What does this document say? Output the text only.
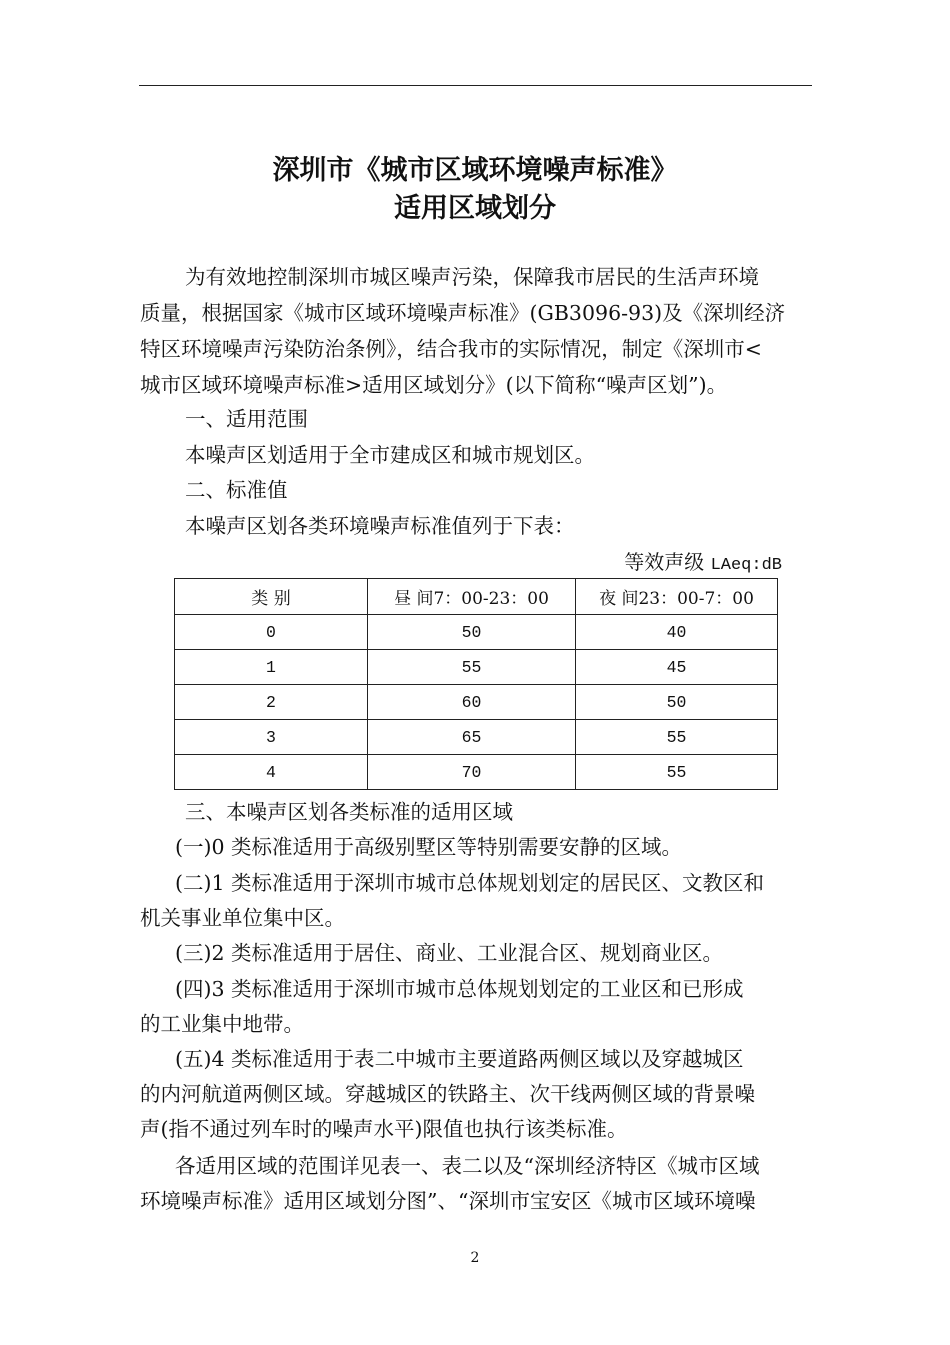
深圳市《城市区域环境噪声标准》
适用区域划分
为有效地控制深圳市城区噪声污染，保障我市居民的生活声环境
质量，根据国家《城市区域环境噪声标准》(GB3096-93)及《深圳经济
特区环境噪声污染防治条例》，结合我市的实际情况，制定《深圳市<
城市区域环境噪声标准>适用区域划分》(以下简称“噪声区划”)。
一、适用范围
本噪声区划适用于全市建成区和城市规划区。
二、标准值
本噪声区划各类环境噪声标准值列于下表：
等效声级 LAeq:dB
类 别	昼 间7：00-23：00	夜 间23：00-7：00
0	50	40
1	55	45
2	60	50
3	65	55
4	70	55
三、本噪声区划各类标准的适用区域
(一)0 类标准适用于高级别墅区等特别需要安静的区域。
(二)1 类标准适用于深圳市城市总体规划划定的居民区、文教区和
机关事业单位集中区。
(三)2 类标准适用于居住、商业、工业混合区、规划商业区。
(四)3 类标准适用于深圳市城市总体规划划定的工业区和已形成
的工业集中地带。
(五)4 类标准适用于表二中城市主要道路两侧区域以及穿越城区
的内河航道两侧区域。穿越城区的铁路主、次干线两侧区域的背景噪
声(指不通过列车时的噪声水平)限值也执行该类标准。
各适用区域的范围详见表一、表二以及“深圳经济特区《城市区域
环境噪声标准》适用区域划分图”、“深圳市宝安区《城市区域环境噪
2
